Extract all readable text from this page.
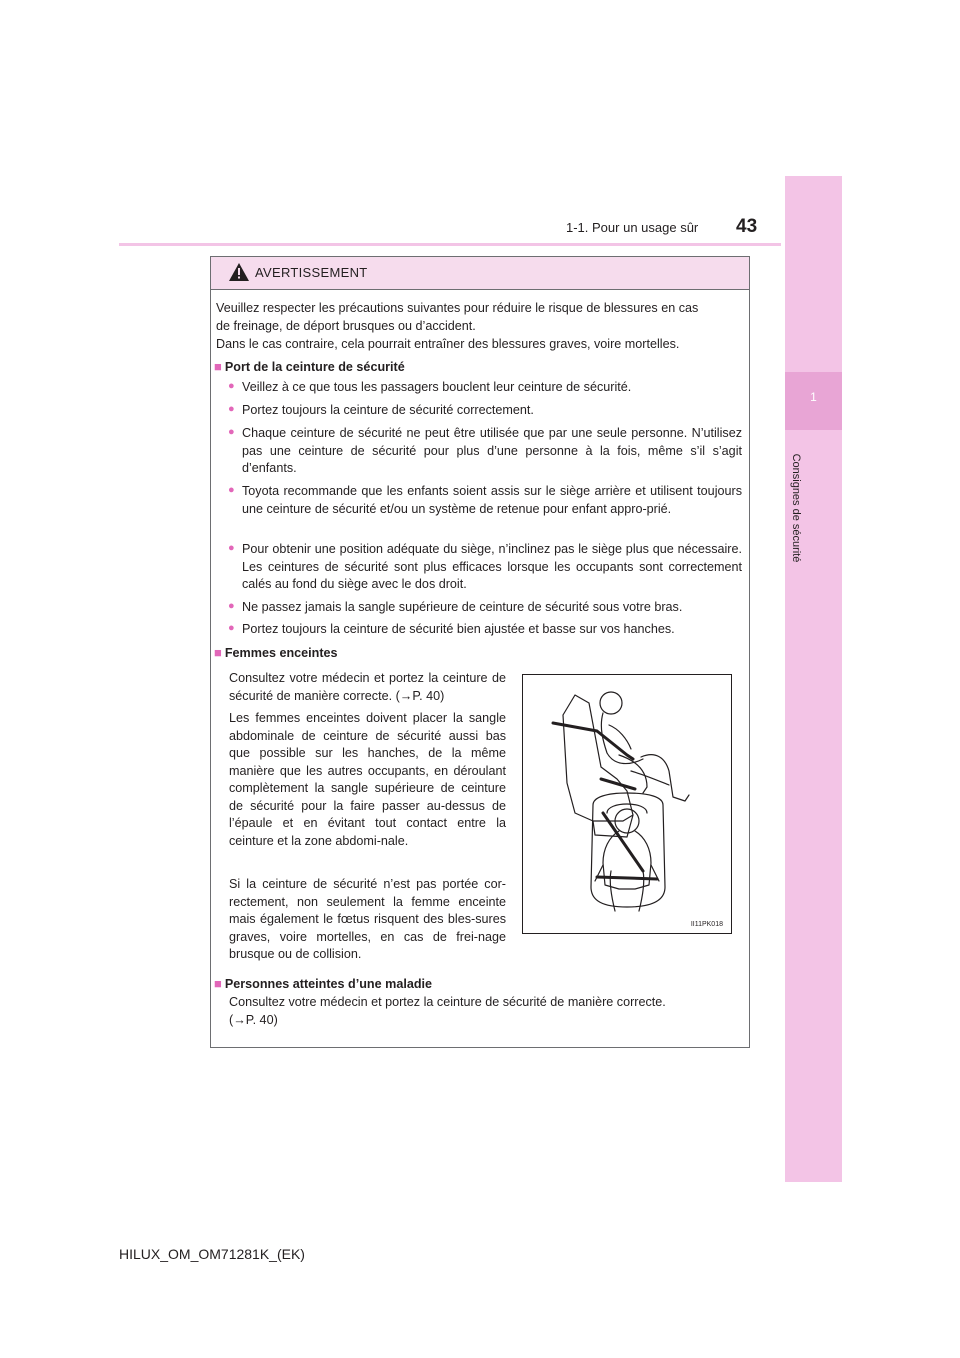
1
Consignes de sécurité
1-1. Pour un usage sûr 43
AVERTISSEMENT

Veuillez respecter les précautions suivantes pour réduire le risque de blessures en cas

de freinage, de déport brusques ou d’accident.

Dans le cas contraire, cela pourrait entraîner des blessures graves, voire mortelles.

■ Port de la ceinture de sécurité

● Veillez à ce que tous les passagers bouclent leur ceinture de sécurité.

● Portez toujours la ceinture de sécurité correctement.

● Chaque ceinture de sécurité ne peut être utilisée que par une seule personne. N’utilisez pas une ceinture de sécurité pour plus d’une personne à la fois, même s’il s’agit d’enfants.

● Toyota recommande que les enfants soient assis sur le siège arrière et utilisent toujours une ceinture de sécurité et/ou un système de retenue pour enfant appro-prié.

● Pour obtenir une position adéquate du siège, n’inclinez pas le siège plus que nécessaire. Les ceintures de sécurité sont plus efficaces lorsque les occupants sont correctement calés au fond du siège avec le dos droit.

● Ne passez jamais la sangle supérieure de ceinture de sécurité sous votre bras.

● Portez toujours la ceinture de sécurité bien ajustée et basse sur vos hanches.

■ Femmes enceintes

Consultez votre médecin et portez la ceinture de sécurité de manière correcte. (→P. 40)

Les femmes enceintes doivent placer la sangle abdominale de ceinture de sécurité aussi bas que possible sur les hanches, de la même manière que les autres occupants, en déroulant complètement la sangle supérieure de ceinture de sécurité pour la faire passer au-dessus de l’épaule et en évitant tout contact entre la ceinture et la zone abdomi-nale.

Si la ceinture de sécurité n’est pas portée cor-rectement, non seulement la femme enceinte mais également le fœtus risquent des bles-sures graves, voire mortelles, en cas de frei-nage brusque ou de collision.

II11PK018

■ Personnes atteintes d’une maladie

Consultez votre médecin et portez la ceinture de sécurité de manière correcte.

(→P. 40)

HILUX_OM_OM71281K_(EK)
